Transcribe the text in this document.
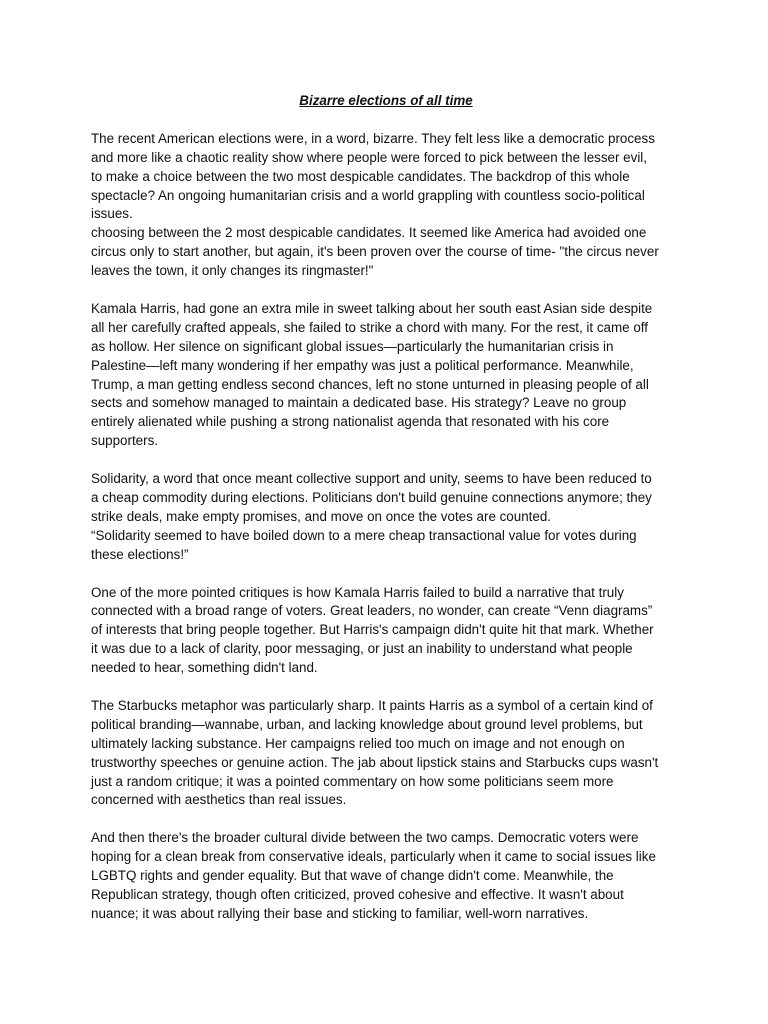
Bizarre elections of all time
The recent American elections were, in a word, bizarre. They felt less like a democratic process
and more like a chaotic reality show where people were forced to pick between the lesser evil,
to make a choice between the two most despicable candidates. The backdrop of this whole
spectacle? An ongoing humanitarian crisis and a world grappling with countless socio-political
issues.
choosing between the 2 most despicable candidates. It seemed like America had avoided one
circus only to start another, but again, it's been proven over the course of time- "the circus never
leaves the town, it only changes its ringmaster!"
Kamala Harris, had gone an extra mile in sweet talking about her south east Asian side despite
all her carefully crafted appeals, she failed to strike a chord with many. For the rest, it came off
as hollow. Her silence on significant global issues—particularly the humanitarian crisis in
Palestine—left many wondering if her empathy was just a political performance. Meanwhile,
Trump, a man getting endless second chances, left no stone unturned in pleasing people of all
sects and somehow managed to maintain a dedicated base. His strategy? Leave no group
entirely alienated while pushing a strong nationalist agenda that resonated with his core
supporters.
Solidarity, a word that once meant collective support and unity, seems to have been reduced to
a cheap commodity during elections. Politicians don't build genuine connections anymore; they
strike deals, make empty promises, and move on once the votes are counted.
“Solidarity seemed to have boiled down to a mere cheap transactional value for votes during
these elections!”
One of the more pointed critiques is how Kamala Harris failed to build a narrative that truly
connected with a broad range of voters. Great leaders, no wonder, can create “Venn diagrams”
of interests that bring people together. But Harris's campaign didn't quite hit that mark. Whether
it was due to a lack of clarity, poor messaging, or just an inability to understand what people
needed to hear, something didn't land.
The Starbucks metaphor was particularly sharp. It paints Harris as a symbol of a certain kind of
political branding—wannabe, urban, and lacking knowledge about ground level problems, but
ultimately lacking substance. Her campaigns relied too much on image and not enough on
trustworthy speeches or genuine action. The jab about lipstick stains and Starbucks cups wasn't
just a random critique; it was a pointed commentary on how some politicians seem more
concerned with aesthetics than real issues.
And then there's the broader cultural divide between the two camps. Democratic voters were
hoping for a clean break from conservative ideals, particularly when it came to social issues like
LGBTQ rights and gender equality. But that wave of change didn't come. Meanwhile, the
Republican strategy, though often criticized, proved cohesive and effective. It wasn't about
nuance; it was about rallying their base and sticking to familiar, well-worn narratives.
